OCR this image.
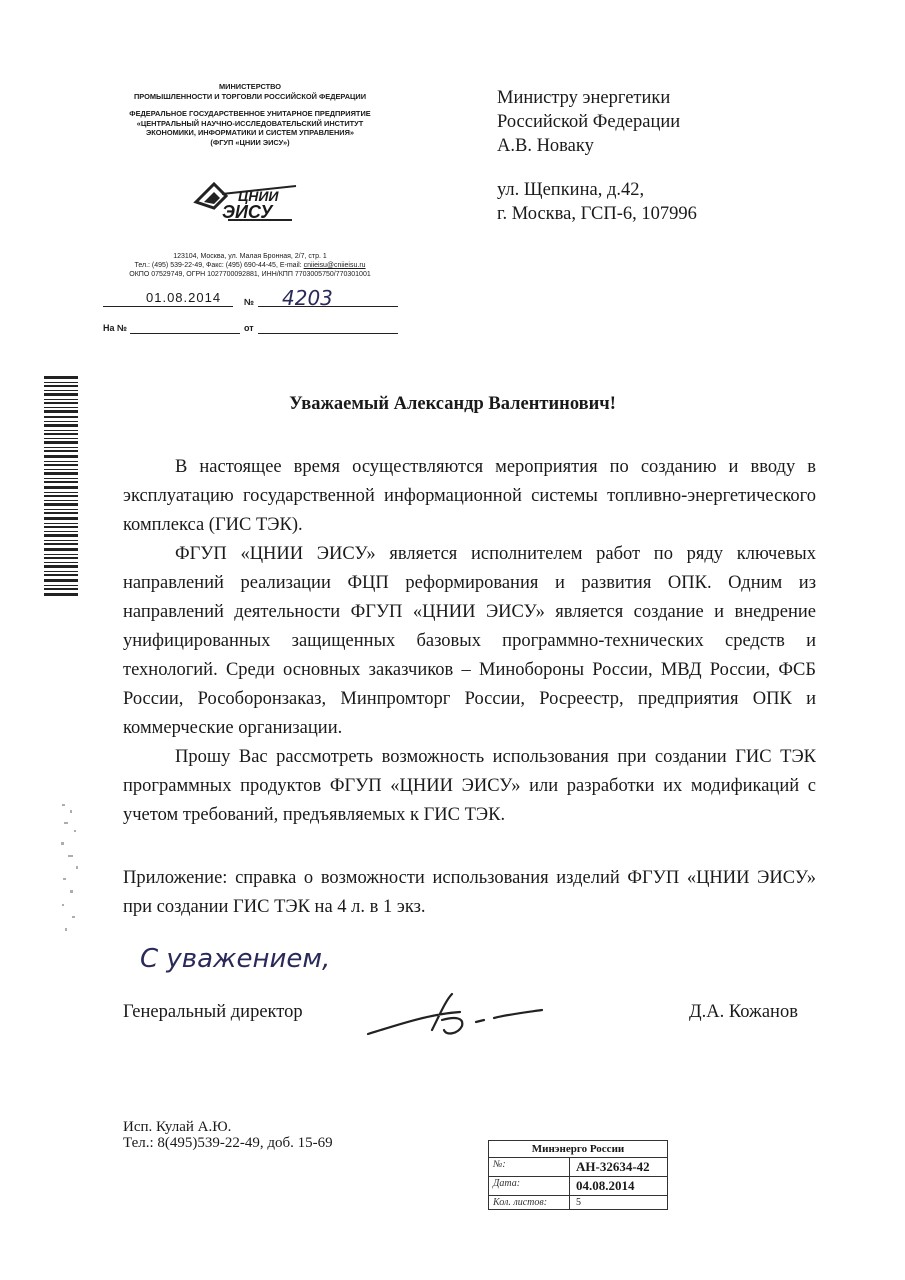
МИНИСТЕРСТВО
ПРОМЫШЛЕННОСТИ И ТОРГОВЛИ РОССИЙСКОЙ ФЕДЕРАЦИИ
ФЕДЕРАЛЬНОЕ ГОСУДАРСТВЕННОЕ УНИТАРНОЕ ПРЕДПРИЯТИЕ
«ЦЕНТРАЛЬНЫЙ НАУЧНО-ИССЛЕДОВАТЕЛЬСКИЙ ИНСТИТУТ
ЭКОНОМИКИ, ИНФОРМАТИКИ И СИСТЕМ УПРАВЛЕНИЯ»
(ФГУП «ЦНИИ ЭИСУ»)
ЦНИИ
ЭИСУ
123104, Москва, ул. Малая Бронная, 2/7, стр. 1
Тел.: (495) 539-22-49, Факс: (495) 690-44-45, E-mail: cniieisu@cniieisu.ru
ОКПО 07529749, ОГРН 1027700092881, ИНН/КПП 7703005750/770301001
01.08.2014	№ 4203
На №	от
Министру энергетики
Российской Федерации
А.В. Новаку
ул. Щепкина, д.42,
г. Москва, ГСП-6, 107996
Уважаемый Александр Валентинович!
В настоящее время осуществляются мероприятия по созданию и вводу в эксплуатацию государственной информационной системы топливно-энергетического комплекса (ГИС ТЭК).
ФГУП «ЦНИИ ЭИСУ» является исполнителем работ по ряду ключевых направлений реализации ФЦП реформирования и развития ОПК. Одним из направлений деятельности ФГУП «ЦНИИ ЭИСУ» является создание и внедрение унифицированных защищенных базовых программно-технических средств и технологий. Среди основных заказчиков – Минобороны России, МВД России, ФСБ России, Рособоронзаказ, Минпромторг России, Росреестр, предприятия ОПК и коммерческие организации.
Прошу Вас рассмотреть возможность использования при создании ГИС ТЭК программных продуктов ФГУП «ЦНИИ ЭИСУ» или разработки их модификаций с учетом требований, предъявляемых к ГИС ТЭК.
Приложение: справка о возможности использования изделий ФГУП «ЦНИИ ЭИСУ» при создании ГИС ТЭК на 4 л. в 1 экз.
С уважением,
Генеральный директор	Д.А. Кожанов
Исп. Кулай А.Ю.
Тел.: 8(495)539-22-49, доб. 15-69	Минэнерго России
№:	АН-32634-42
Дата:	04.08.2014
Кол. листов:	5
